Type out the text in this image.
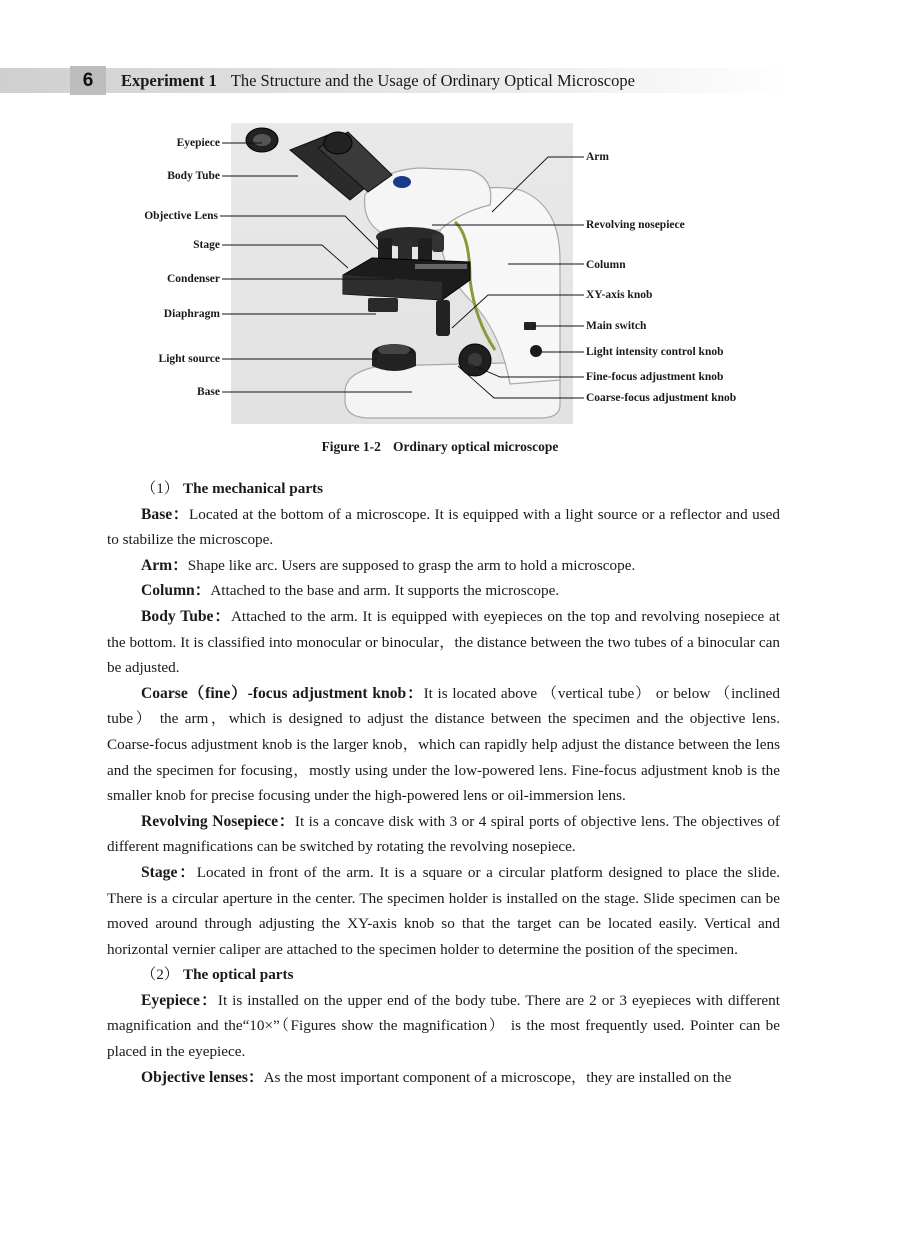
6	Experiment 1 The Structure and the Usage of Ordinary Optical Microscope
Eyepiece
Body Tube
Objective Lens
Stage
Condenser
Diaphragm
Light source
Base
Arm
Revolving nosepiece
Column
XY-axis knob
Main switch
Light intensity control knob
Fine-focus adjustment knob
Coarse-focus adjustment knob
Figure 1-2 Ordinary optical microscope

（1） The mechanical parts

Base：Located at the bottom of a microscope. It is equipped with a light source or a reflector and used to stabilize the microscope.

Arm：Shape like arc. Users are supposed to grasp the arm to hold a microscope.

Column：Attached to the base and arm. It supports the microscope.

Body Tube：Attached to the arm. It is equipped with eyepieces on the top and revolving nosepiece at the bottom. It is classified into monocular or binocular，the distance between the two tubes of a binocular can be adjusted.

Coarse（fine）-focus adjustment knob：It is located above （vertical tube） or below （inclined tube） the arm，which is designed to adjust the distance between the specimen and the objective lens. Coarse-focus adjustment knob is the larger knob，which can rapidly help adjust the distance between the lens and the specimen for focusing，mostly using under the low-powered lens. Fine-focus adjustment knob is the smaller knob for precise focusing under the high-powered lens or oil-immersion lens.

Revolving Nosepiece：It is a concave disk with 3 or 4 spiral ports of objective lens. The objectives of different magnifications can be switched by rotating the revolving nosepiece.

Stage：Located in front of the arm. It is a square or a circular platform designed to place the slide. There is a circular aperture in the center. The specimen holder is installed on the stage. Slide specimen can be moved around through adjusting the XY-axis knob so that the target can be located easily. Vertical and horizontal vernier caliper are attached to the specimen holder to determine the position of the specimen.

（2） The optical parts

Eyepiece：It is installed on the upper end of the body tube. There are 2 or 3 eyepieces with different magnification and the“10×”（Figures show the magnification） is the most frequently used. Pointer can be placed in the eyepiece.

Objective lenses：As the most important component of a microscope，they are installed on the
